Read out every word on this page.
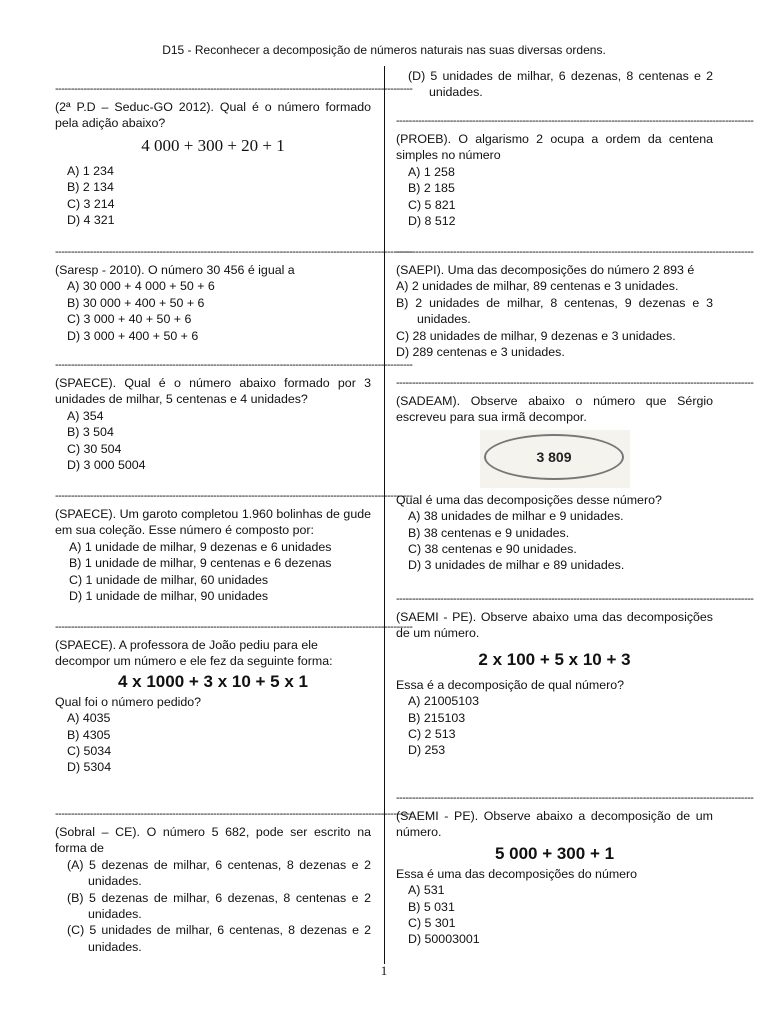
D15 - Reconhecer a decomposição de números naturais nas suas diversas ordens.
-----------------------------------------------------------------------------------------------------------------
(2ª P.D – Seduc-GO 2012). Qual é o número formado pela adição abaixo?
4 000 + 300 + 20 + 1
A) 1 234
B) 2 134
C) 3 214
D) 4 321
-----------------------------------------------------------------------------------------------------------------
(Saresp - 2010). O número 30 456 é igual a
A) 30 000 + 4 000 + 50 + 6
B) 30 000 + 400 + 50 + 6
C) 3 000 + 40 + 50 + 6
D) 3 000 + 400 + 50 + 6
-----------------------------------------------------------------------------------------------------------------
(SPAECE). Qual é o número abaixo formado por 3 unidades de milhar, 5 centenas e 4 unidades?
A) 354
B) 3 504
C) 30 504
D) 3 000 5004
-----------------------------------------------------------------------------------------------------------------
(SPAECE). Um garoto completou 1.960 bolinhas de gude em sua coleção. Esse número é composto por:
A) 1 unidade de milhar, 9 dezenas e 6 unidades
B) 1 unidade de milhar, 9 centenas e 6 dezenas
C) 1 unidade de milhar, 60 unidades
D) 1 unidade de milhar, 90 unidades
-----------------------------------------------------------------------------------------------------------------
(SPAECE). A professora de João pediu para ele decompor um número e ele fez da seguinte forma:
4 x 1000 + 3 x 10 + 5 x 1
Qual foi o número pedido?
A) 4035
B) 4305
C) 5034
D) 5304
-----------------------------------------------------------------------------------------------------------------
(Sobral – CE). O número 5 682, pode ser escrito na forma de
(A) 5 dezenas de milhar, 6 centenas, 8 dezenas e 2 unidades.
(B) 5 dezenas de milhar, 6 dezenas, 8 centenas e 2 unidades.
(C) 5 unidades de milhar, 6 centenas, 8 dezenas e 2 unidades.
(D) 5 unidades de milhar, 6 dezenas, 8 centenas e 2 unidades.
-----------------------------------------------------------------------------------------------------------------
(PROEB). O algarismo 2 ocupa a ordem da centena simples no número
A) 1 258
B) 2 185
C) 5 821
D) 8 512
-----------------------------------------------------------------------------------------------------------------
(SAEPI). Uma das decomposições do número 2 893 é
A) 2 unidades de milhar, 89 centenas e 3 unidades.
B) 2 unidades de milhar, 8 centenas, 9 dezenas e 3 unidades.
C) 28 unidades de milhar, 9 dezenas e 3 unidades.
D) 289 centenas e 3 unidades.
-----------------------------------------------------------------------------------------------------------------
(SADEAM). Observe abaixo o número que Sérgio escreveu para sua irmã decompor.
3 809
Qual é uma das decomposições desse número?
A) 38 unidades de milhar e 9 unidades.
B) 38 centenas e 9 unidades.
C) 38 centenas e 90 unidades.
D) 3 unidades de milhar e 89 unidades.
-----------------------------------------------------------------------------------------------------------------
(SAEMI - PE). Observe abaixo uma das decomposições de um número.
2 x 100 + 5 x 10 + 3
Essa é a decomposição de qual número?
A) 21005103
B) 215103
C) 2 513
D) 253
-----------------------------------------------------------------------------------------------------------------
(SAEMI - PE). Observe abaixo a decomposição de um número.
5 000 + 300 + 1
Essa é uma das decomposições do número
A) 531
B) 5 031
C) 5 301
D) 50003001
1
